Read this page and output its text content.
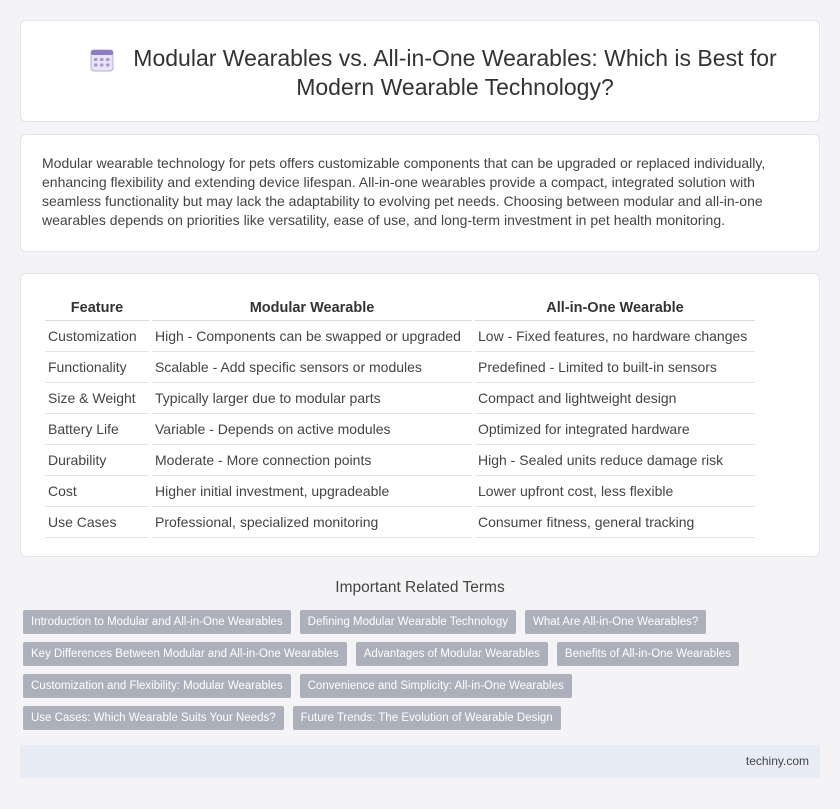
Modular Wearables vs. All-in-One Wearables: Which is Best for Modern Wearable Technology?

Modular wearable technology for pets offers customizable components that can be upgraded or replaced individually, enhancing flexibility and extending device lifespan. All-in-one wearables provide a compact, integrated solution with seamless functionality but may lack the adaptability to evolving pet needs. Choosing between modular and all-in-one wearables depends on priorities like versatility, ease of use, and long-term investment in pet health monitoring.

Feature	Modular Wearable	All-in-One Wearable
Customization	High - Components can be swapped or upgraded	Low - Fixed features, no hardware changes
Functionality	Scalable - Add specific sensors or modules	Predefined - Limited to built-in sensors
Size & Weight	Typically larger due to modular parts	Compact and lightweight design
Battery Life	Variable - Depends on active modules	Optimized for integrated hardware
Durability	Moderate - More connection points	High - Sealed units reduce damage risk
Cost	Higher initial investment, upgradeable	Lower upfront cost, less flexible
Use Cases	Professional, specialized monitoring	Consumer fitness, general tracking
Important Related Terms
Introduction to Modular and All-in-One Wearables	Defining Modular Wearable Technology	What Are All-in-One Wearables?
Key Differences Between Modular and All-in-One Wearables	Advantages of Modular Wearables	Benefits of All-in-One Wearables
Customization and Flexibility: Modular Wearables	Convenience and Simplicity: All-in-One Wearables
Use Cases: Which Wearable Suits Your Needs?	Future Trends: The Evolution of Wearable Design
techiny.com
